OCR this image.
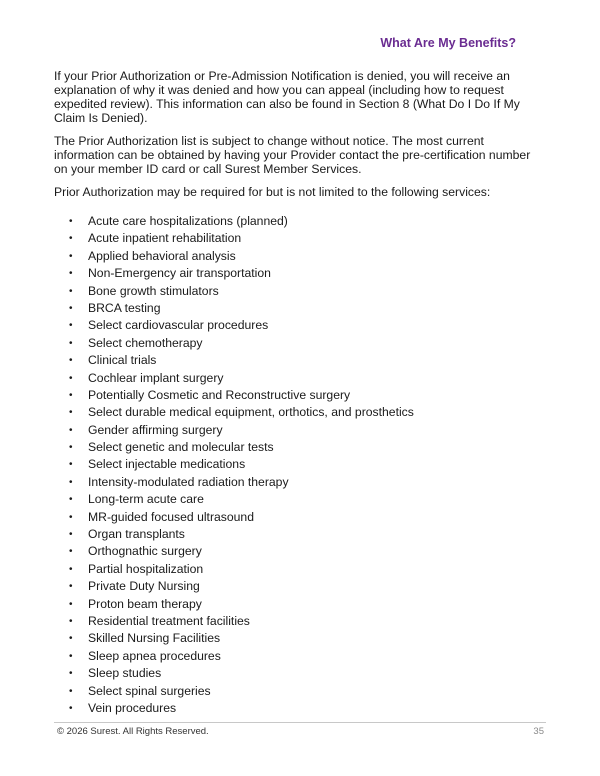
What Are My Benefits?

If your Prior Authorization or Pre-Admission Notification is denied, you will receive an explanation of why it was denied and how you can appeal (including how to request expedited review). This information can also be found in Section 8 (What Do I Do If My Claim Is Denied).

The Prior Authorization list is subject to change without notice. The most current information can be obtained by having your Provider contact the pre-certification number on your member ID card or call Surest Member Services.

Prior Authorization may be required for but is not limited to the following services:

• Acute care hospitalizations (planned)
• Acute inpatient rehabilitation
• Applied behavioral analysis
• Non-Emergency air transportation
• Bone growth stimulators
• BRCA testing
• Select cardiovascular procedures
• Select chemotherapy
• Clinical trials
• Cochlear implant surgery
• Potentially Cosmetic and Reconstructive surgery
• Select durable medical equipment, orthotics, and prosthetics
• Gender affirming surgery
• Select genetic and molecular tests
• Select injectable medications
• Intensity-modulated radiation therapy
• Long-term acute care
• MR-guided focused ultrasound
• Organ transplants
• Orthognathic surgery
• Partial hospitalization
• Private Duty Nursing
• Proton beam therapy
• Residential treatment facilities
• Skilled Nursing Facilities
• Sleep apnea procedures
• Sleep studies
• Select spinal surgeries
• Vein procedures
© 2026 Surest. All Rights Reserved.	35
